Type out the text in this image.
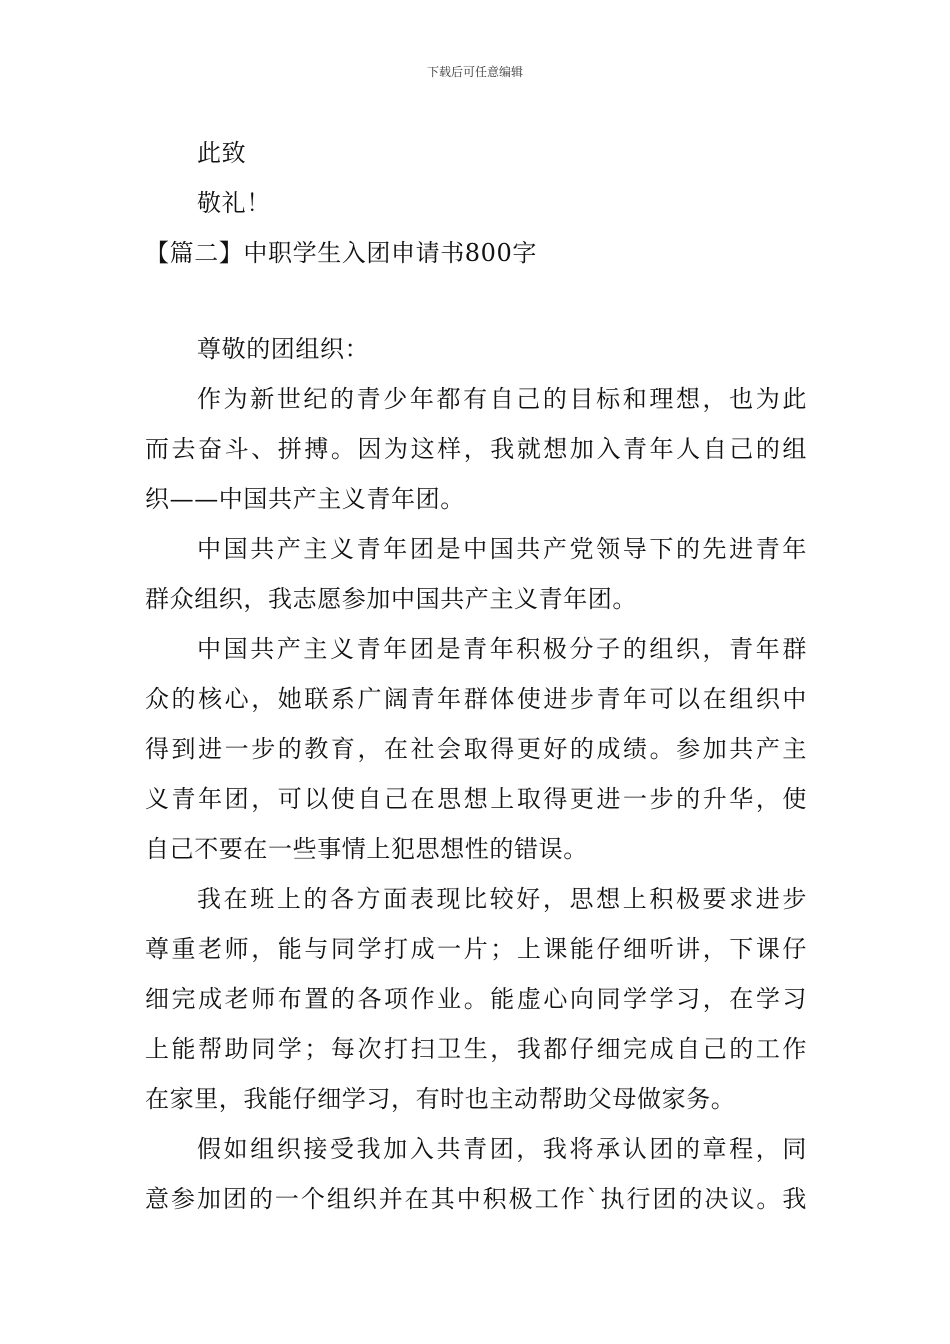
下载后可任意编辑
此致
敬礼！
【篇二】中职学生入团申请书800字
尊敬的团组织：
作为新世纪的青少年都有自己的目标和理想，也为此
而去奋斗、拼搏。因为这样，我就想加入青年人自己的组
织——中国共产主义青年团。
中国共产主义青年团是中国共产党领导下的先进青年
群众组织，我志愿参加中国共产主义青年团。
中国共产主义青年团是青年积极分子的组织，青年群
众的核心，她联系广阔青年群体使进步青年可以在组织中
得到进一步的教育，在社会取得更好的成绩。参加共产主
义青年团，可以使自己在思想上取得更进一步的升华，使
自己不要在一些事情上犯思想性的错误。
我在班上的各方面表现比较好，思想上积极要求进步
尊重老师，能与同学打成一片；上课能仔细听讲，下课仔
细完成老师布置的各项作业。能虚心向同学学习，在学习
上能帮助同学；每次打扫卫生，我都仔细完成自己的工作
在家里，我能仔细学习，有时也主动帮助父母做家务。
假如组织接受我加入共青团，我将承认团的章程，同
意参加团的一个组织并在其中积极工作`执行团的决议。我
